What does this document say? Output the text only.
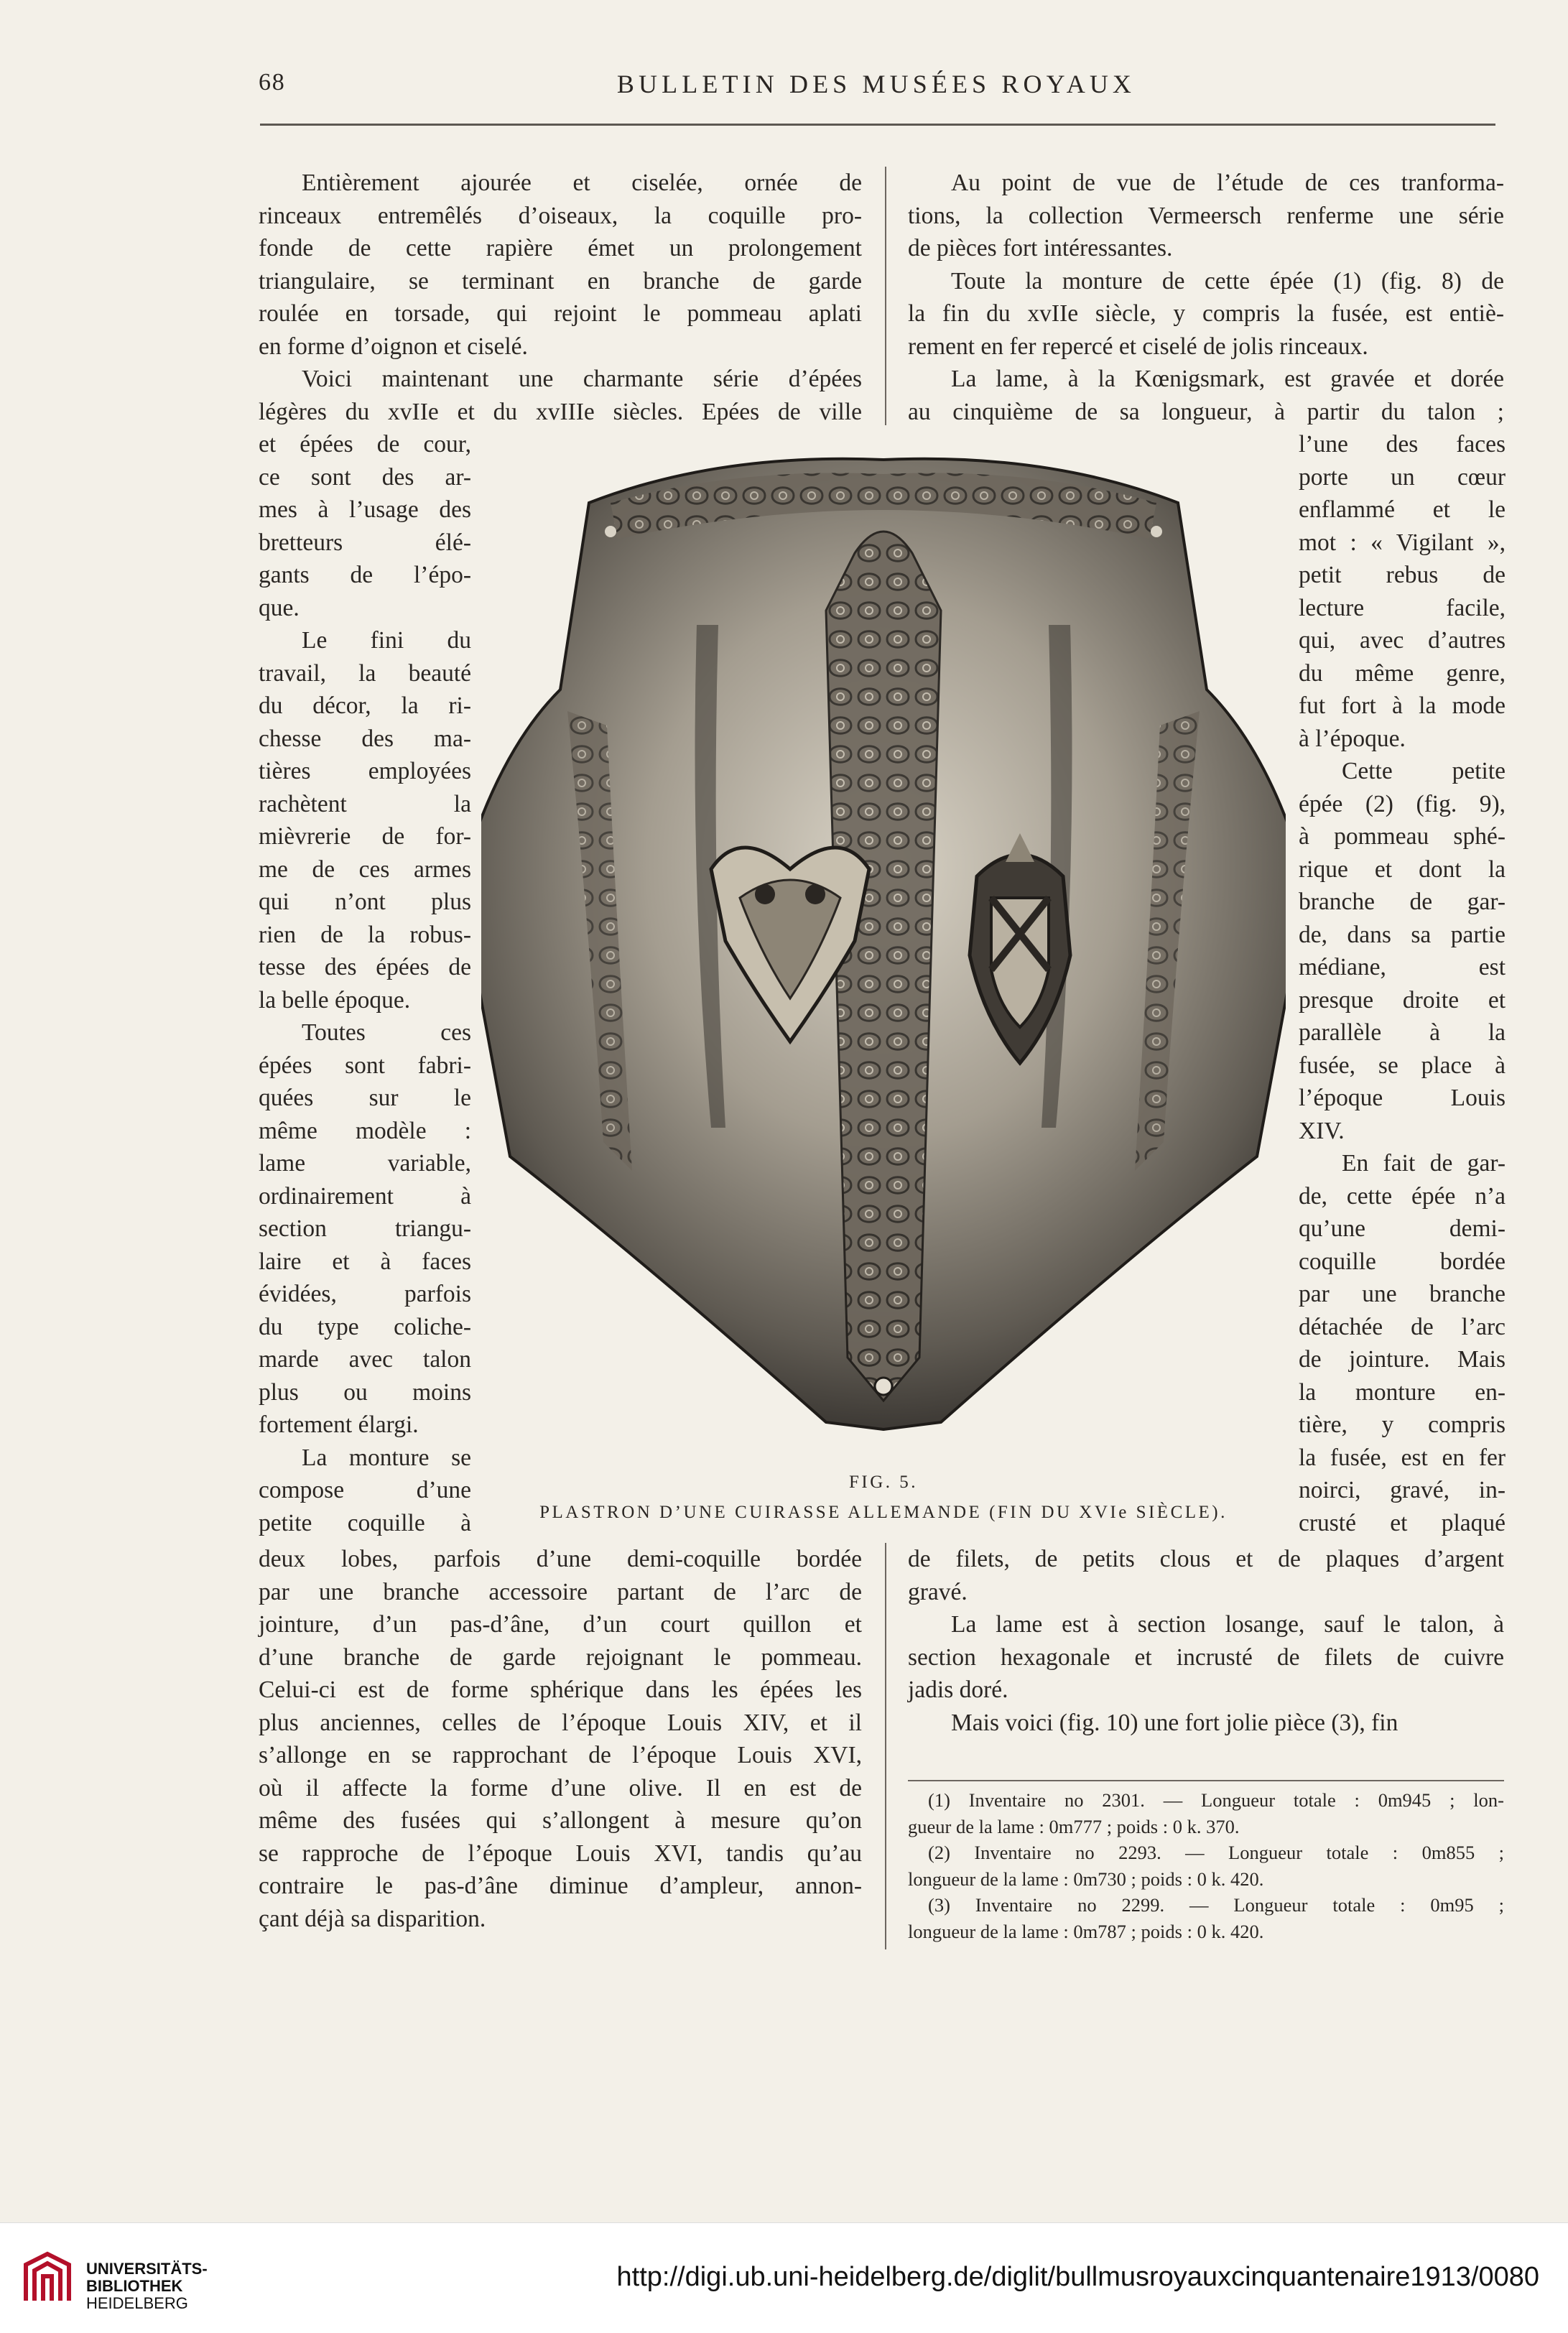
68	BULLETIN DES MUSÉES ROYAUX
Entièrement ajourée et ciselée, ornée de
rinceaux entremêlés d’oiseaux, la coquille pro-
fonde de cette rapière émet un prolongement
triangulaire, se terminant en branche de garde
roulée en torsade, qui rejoint le pommeau aplati
en forme d’oignon et ciselé.
Voici maintenant une charmante série d’épées
légères du xvIIe et du xvIIIe siècles. Epées de ville
Au point de vue de l’étude de ces tranforma-
tions, la collection Vermeersch renferme une série
de pièces fort intéressantes.
Toute la monture de cette épée (1) (fig. 8) de
la fin du xvIIe siècle, y compris la fusée, est entiè-
rement en fer repercé et ciselé de jolis rinceaux.
La lame, à la Kœnigsmark, est gravée et dorée
au cinquième de sa longueur, à partir du talon ;
et épées de cour,
ce sont des ar-
mes à l’usage des
bretteurs élé-
gants de l’épo-
que.
Le fini du
travail, la beauté
du décor, la ri-
chesse des ma-
tières employées
rachètent la
mièvrerie de for-
me de ces armes
qui n’ont plus
rien de la robus-
tesse des épées de
la belle époque.
Toutes ces
épées sont fabri-
quées sur le
même modèle :
lame variable,
ordinairement à
section triangu-
laire et à faces
évidées, parfois
du type coliche-
marde avec talon
plus ou moins
fortement élargi.
La monture se
compose d’une
petite coquille à
l’une des faces
porte un cœur
enflammé et le
mot : « Vigilant »,
petit rebus de
lecture facile,
qui, avec d’autres
du même genre,
fut fort à la mode
à l’époque.
Cette petite
épée (2) (fig. 9),
à pommeau sphé-
rique et dont la
branche de gar-
de, dans sa partie
médiane, est
presque droite et
parallèle à la
fusée, se place à
l’époque Louis
XIV.
En fait de gar-
de, cette épée n’a
qu’une demi-
coquille bordée
par une branche
détachée de l’arc
de jointure. Mais
la monture en-
tière, y compris
la fusée, est en fer
noirci, gravé, in-
crusté et plaqué
deux lobes, parfois d’une demi-coquille bordée
par une branche accessoire partant de l’arc de
jointure, d’un pas-d’âne, d’un court quillon et
d’une branche de garde rejoignant le pommeau.
Celui-ci est de forme sphérique dans les épées les
plus anciennes, celles de l’époque Louis XIV, et il
s’allonge en se rapprochant de l’époque Louis XVI,
où il affecte la forme d’une olive. Il en est de
même des fusées qui s’allongent à mesure qu’on
se rapproche de l’époque Louis XVI, tandis qu’au
contraire le pas-d’âne diminue d’ampleur, annon-
çant déjà sa disparition.
de filets, de petits clous et de plaques d’argent
gravé.
La lame est à section losange, sauf le talon, à
section hexagonale et incrusté de filets de cuivre
jadis doré.
Mais voici (fig. 10) une fort jolie pièce (3), fin
FIG. 5.
PLASTRON D’UNE CUIRASSE ALLEMANDE (FIN DU XVIe SIÈCLE).
(1) Inventaire no 2301. — Longueur totale : 0m945 ; lon-
gueur de la lame : 0m777 ; poids : 0 k. 370.
(2) Inventaire no 2293. — Longueur totale : 0m855 ;
longueur de la lame : 0m730 ; poids : 0 k. 420.
(3) Inventaire no 2299. — Longueur totale : 0m95 ;
longueur de la lame : 0m787 ; poids : 0 k. 420.
UNIVERSITÄTS-
BIBLIOTHEK
HEIDELBERG
http://digi.ub.uni-heidelberg.de/diglit/bullmusroyauxcinquantenaire1913/0080
